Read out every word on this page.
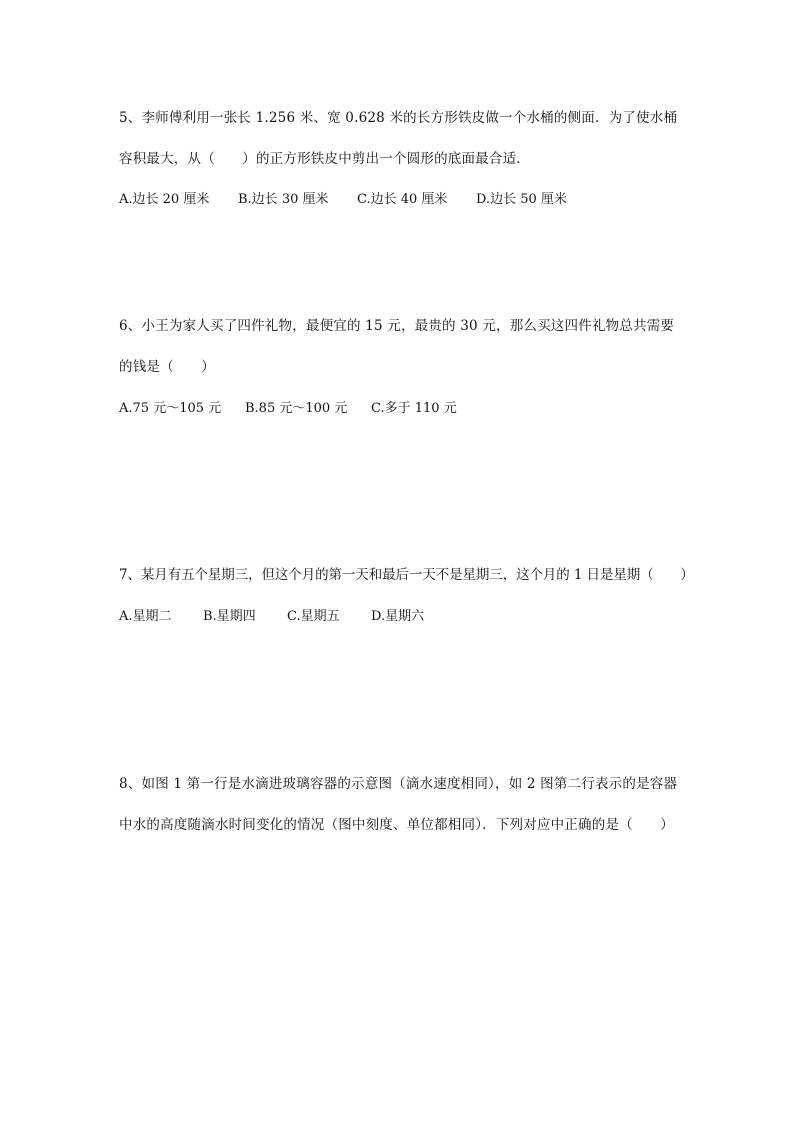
5、李师傅利用一张长 1.256 米、宽 0.628 米的长方形铁皮做一个水桶的侧面．为了使水桶
容积最大，从（　　）的正方形铁皮中剪出一个圆形的底面最合适．
A.边长 20 厘米 B.边长 30 厘米 C.边长 40 厘米 D.边长 50 厘米
6、小王为家人买了四件礼物，最便宜的 15 元，最贵的 30 元，那么买这四件礼物总共需要
的钱是（　　）
A.75 元～105 元 B.85 元～100 元 C.多于 110 元
7、某月有五个星期三，但这个月的第一天和最后一天不是星期三，这个月的 1 日是星期（　　）
A.星期二 B.星期四 C.星期五 D.星期六
8、如图 1 第一行是水滴进玻璃容器的示意图（滴水速度相同），如 2 图第二行表示的是容器
中水的高度随滴水时间变化的情况（图中刻度、单位都相同）．下列对应中正确的是（　　）
